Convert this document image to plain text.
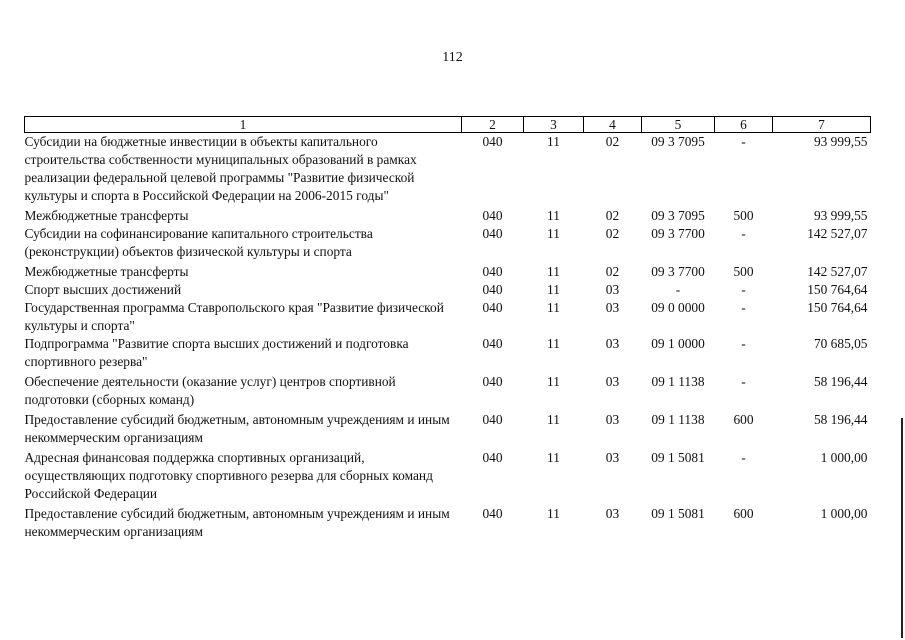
112
1	2	3	4	5	6	7
Субсидии на бюджетные инвестиции в объекты капитального строительства собственности муниципальных образований в рамках реализации федеральной целевой программы "Развитие физической культуры и спорта в Российской Федерации на 2006-2015 годы"	040	11	02	09 3 7095	-	93 999,55
Межбюджетные трансферты	040	11	02	09 3 7095	500	93 999,55
Субсидии на софинансирование капитального строительства (реконструкции) объектов физической культуры и спорта	040	11	02	09 3 7700	-	142 527,07
Межбюджетные трансферты	040	11	02	09 3 7700	500	142 527,07
Спорт высших достижений	040	11	03	-	-	150 764,64
Государственная программа Ставропольского края "Развитие физической культуры и спорта"	040	11	03	09 0 0000	-	150 764,64
Подпрограмма "Развитие спорта высших достижений и подготовка спортивного резерва"	040	11	03	09 1 0000	-	70 685,05
Обеспечение деятельности (оказание услуг) центров спортивной подготовки (сборных команд)	040	11	03	09 1 1138	-	58 196,44
Предоставление субсидий бюджетным, автономным учреждениям и иным некоммерческим организациям	040	11	03	09 1 1138	600	58 196,44
Адресная финансовая поддержка спортивных организаций, осуществляющих подготовку спортивного резерва для сборных команд Российской Федерации	040	11	03	09 1 5081	-	1 000,00
Предоставление субсидий бюджетным, автономным учреждениям и иным некоммерческим организациям	040	11	03	09 1 5081	600	1 000,00
